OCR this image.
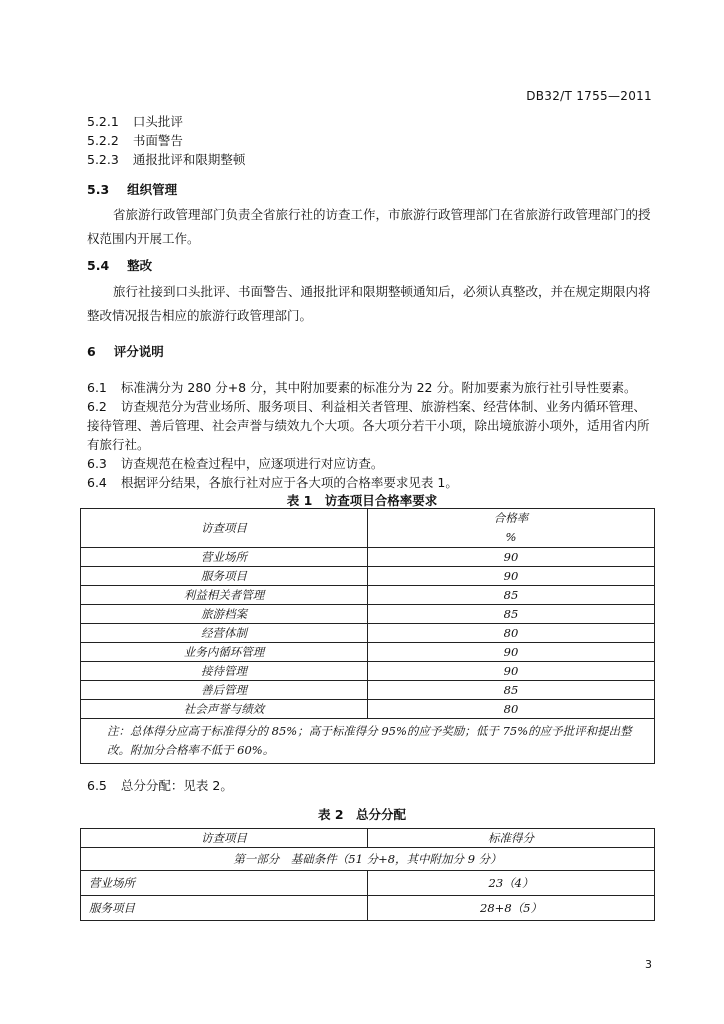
DB32/T 1755—2011
5.2.1 口头批评
5.2.2 书面警告
5.2.3 通报批评和限期整顿
5.3 组织管理
省旅游行政管理部门负责全省旅行社的访查工作，市旅游行政管理部门在省旅游行政管理部门的授权范围内开展工作。
5.4 整改
旅行社接到口头批评、书面警告、通报批评和限期整顿通知后，必须认真整改，并在规定期限内将整改情况报告相应的旅游行政管理部门。
6 评分说明
6.1 标准满分为 280 分+8 分，其中附加要素的标准分为 22 分。附加要素为旅行社引导性要素。
6.2 访查规范分为营业场所、服务项目、利益相关者管理、旅游档案、经营体制、业务内循环管理、接待管理、善后管理、社会声誉与绩效九个大项。各大项分若干小项，除出境旅游小项外，适用省内所有旅行社。
6.3 访查规范在检查过程中，应逐项进行对应访查。
6.4 根据评分结果，各旅行社对应于各大项的合格率要求见表 1。
表 1　访查项目合格率要求
访查项目	合格率
%

营业场所	90
服务项目	90
利益相关者管理	85
旅游档案	85
经营体制	80
业务内循环管理	90
接待管理	90
善后管理	85
社会声誉与绩效	80
注：总体得分应高于标准得分的 85%；高于标准得分 95%的应予奖励；低于 75%的应予批评和提出整改。附加分合格率不低于 60%。	
6.5 总分分配：见表 2。
表 2　总分分配
访查项目	标准得分
第一部分　基础条件（51 分+8，其中附加分 9 分）	
营业场所	23（4）
服务项目	28+8（5）
3
